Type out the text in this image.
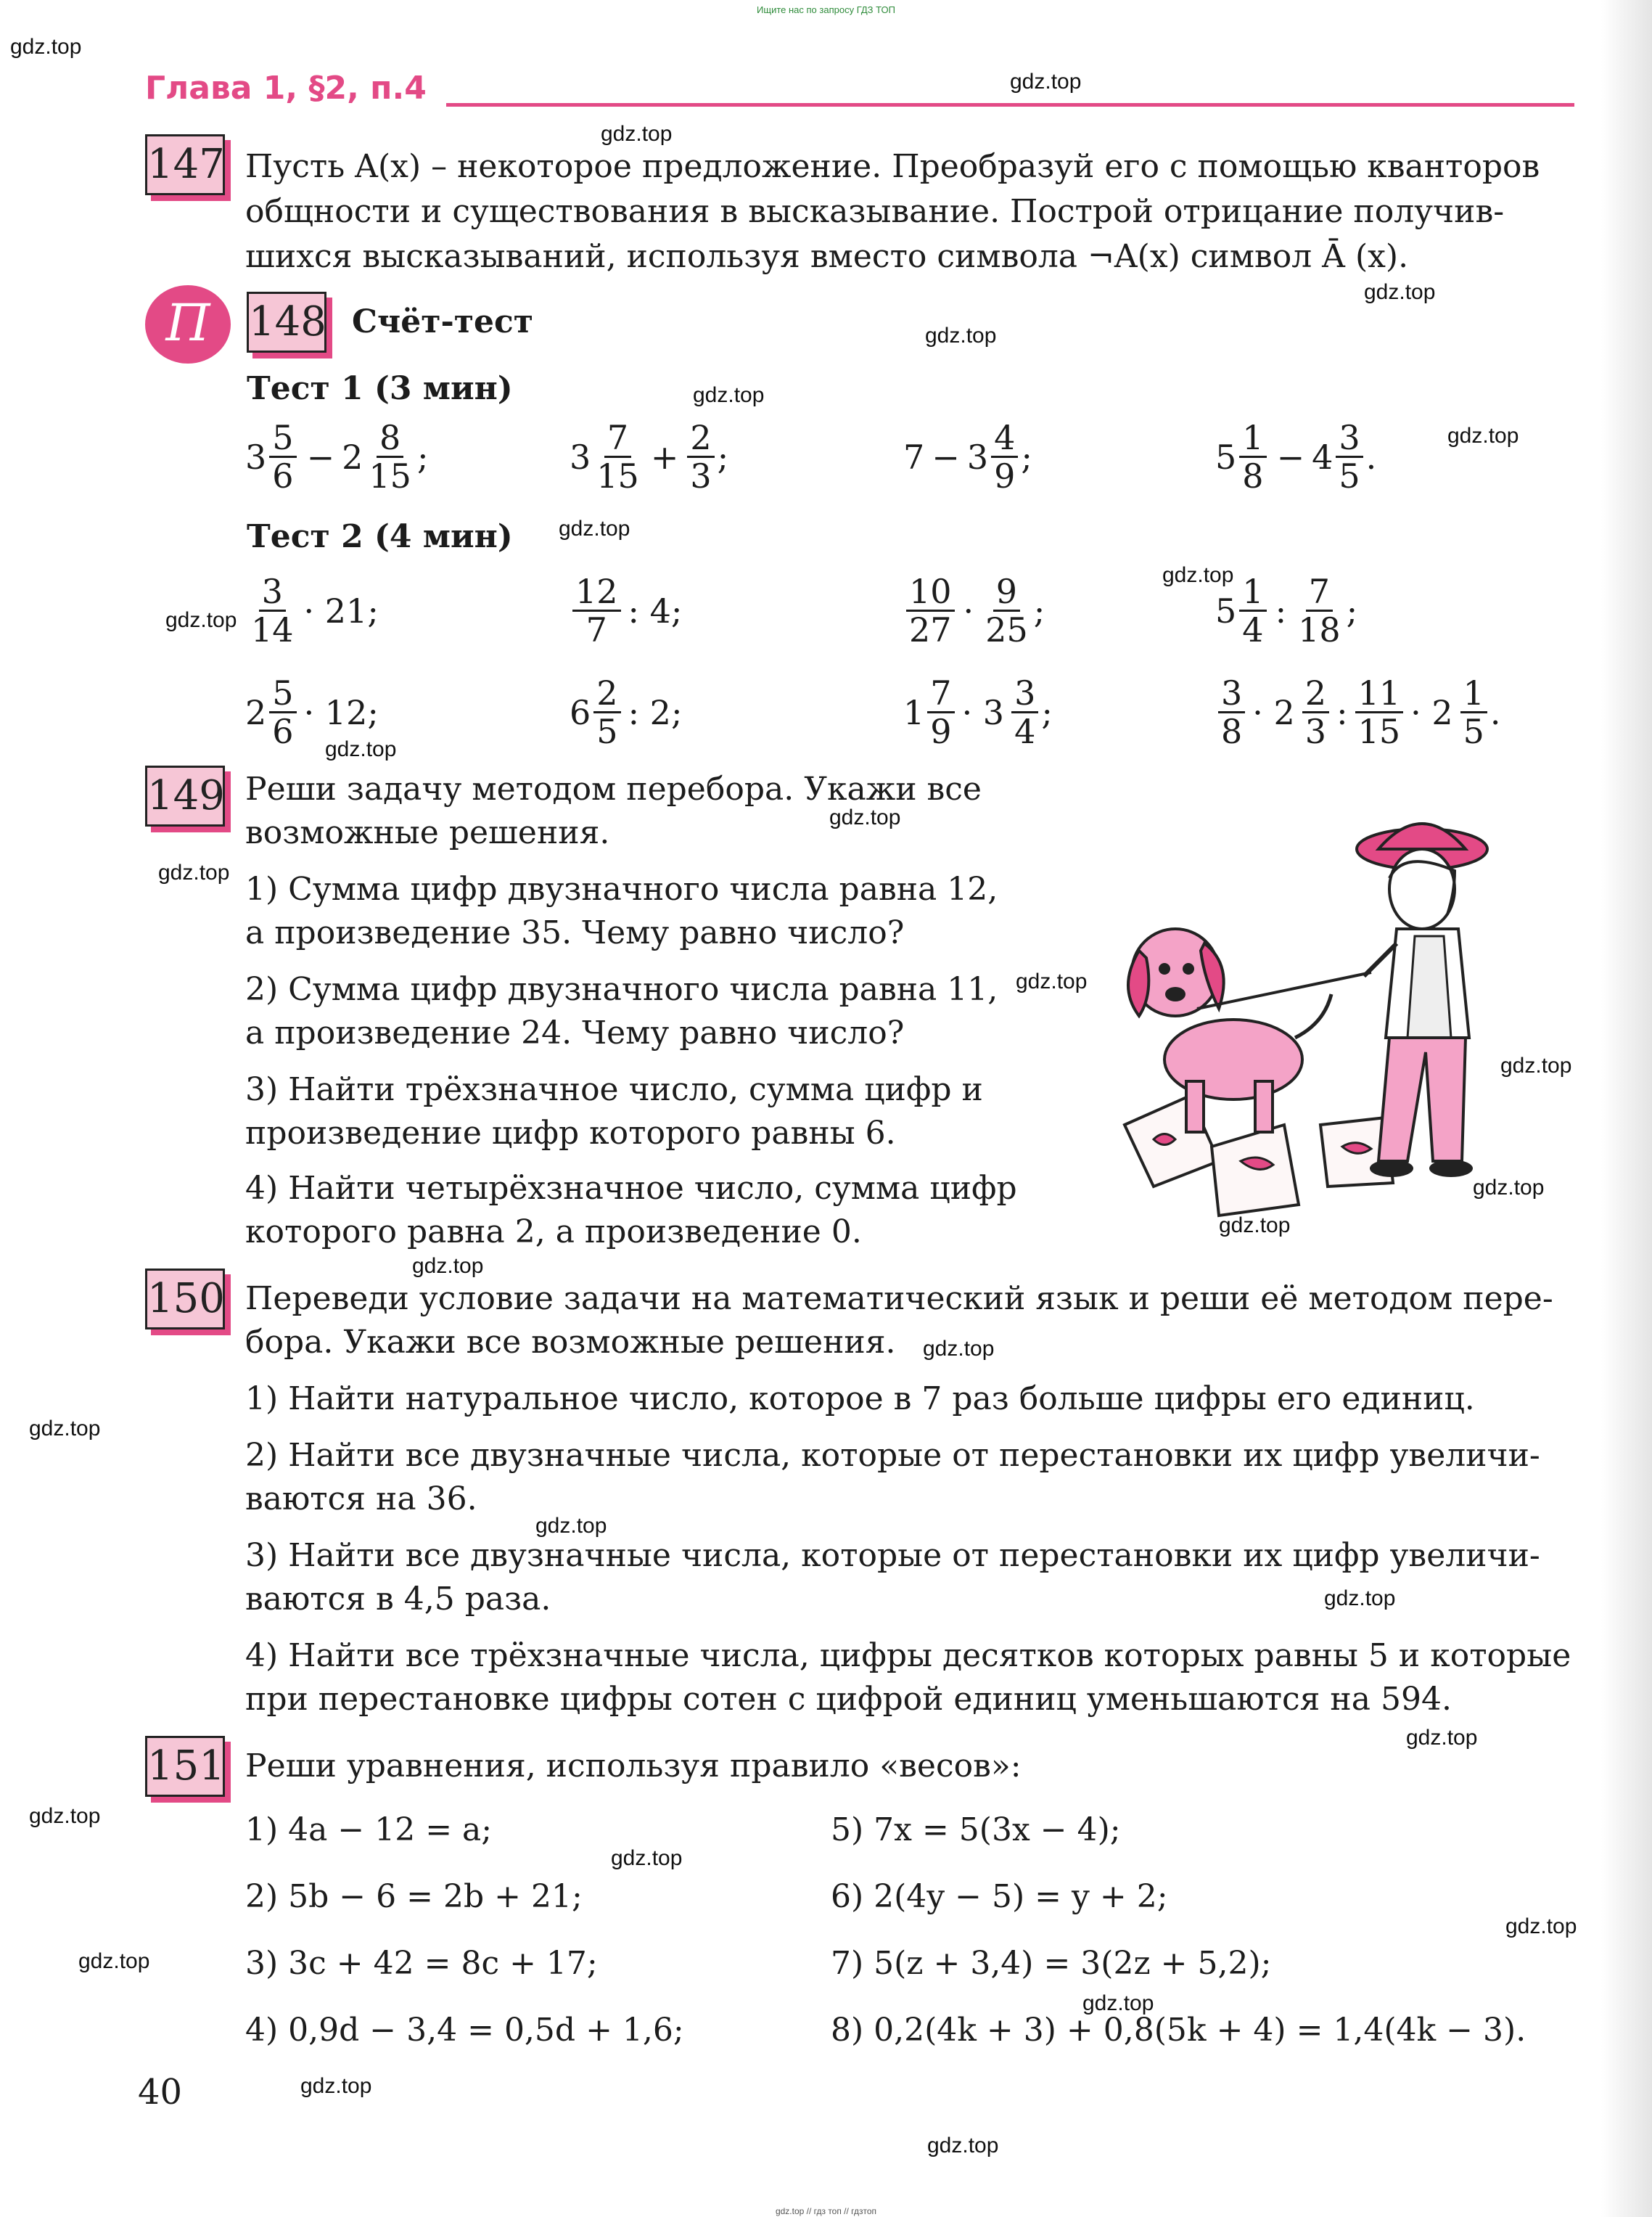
Ищите нас по запросу ГДЗ ТОП
Глава 1, §2, п.4
gdz.top
gdz.top
gdz.top
gdz.top
gdz.top
gdz.top
gdz.top
gdz.top
gdz.top
gdz.top
gdz.top
gdz.top
gdz.top
gdz.top
gdz.top
gdz.top
gdz.top
gdz.top
gdz.top
gdz.top
gdz.top
gdz.top
gdz.top
gdz.top
gdz.top
gdz.top
gdz.top
gdz.top
gdz.top
gdz.top
147 Пусть A(x) – некоторое предложение. Преобразуй его с помощью кванторов
общности и существования в высказывание. Построй отрицание получив-
шихся высказываний, используя вместо символа ¬A(x) символ Ā (x).
П 148 Счёт-тест
Тест 1 (3 мин)
$3 \frac{5}{6} - 2 \frac{8}{15}$ ;	$3 \frac{7}{15} + \frac{2}{3}$ ;	$7 - 3 \frac{4}{9}$ ;	$5 \frac{1}{8} - 4 \frac{3}{5}$ .
Тест 2 (4 мин)
$\frac{3}{14} \cdot 21$;	$\frac{12}{7}$ : 4;	$\frac{10}{27} \cdot \frac{9}{25}$ ;	$5 \frac{1}{4}$ : $\frac{7}{18}$ ;
$2 \frac{5}{6} \cdot 12$;	$6 \frac{2}{5}$ : 2;	$1 \frac{7}{9} \cdot 3 \frac{3}{4}$ ;	$\frac{3}{8} \cdot 2 \frac{2}{3}$ : $\frac{11}{15} \cdot 2 \frac{1}{5}$ .
149 Реши задачу методом перебора. Укажи все
возможные решения.
1) Сумма цифр двузначного числа равна 12,
а произведение 35. Чему равно число?
2) Сумма цифр двузначного числа равна 11,
а произведение 24. Чему равно число?
3) Найти трёхзначное число, сумма цифр и
произведение цифр которого равны 6.
4) Найти четырёхзначное число, сумма цифр
которого равна 2, а произведение 0.
150 Переведи условие задачи на математический язык и реши её методом пере-
бора. Укажи все возможные решения.
1) Найти натуральное число, которое в 7 раз больше цифры его единиц.
2) Найти все двузначные числа, которые от перестановки их цифр увеличи-
ваются на 36.
3) Найти все двузначные числа, которые от перестановки их цифр увеличи-
ваются в 4,5 раза.
4) Найти все трёхзначные числа, цифры десятков которых равны 5 и которые
при перестановке цифры сотен с цифрой единиц уменьшаются на 594.
151 Реши уравнения, используя правило «весов»:
1) 4a − 12 = a;
2) 5b − 6 = 2b + 21;
3) 3c + 42 = 8c + 17;
4) 0,9d − 3,4 = 0,5d + 1,6;
5) 7x = 5(3x − 4);
6) 2(4y − 5) = y + 2;
7) 5(z + 3,4) = 3(2z + 5,2);
8) 0,2(4k + 3) + 0,8(5k + 4) = 1,4(4k − 3).
40
gdz.top // гдз топ // гдзтоп
